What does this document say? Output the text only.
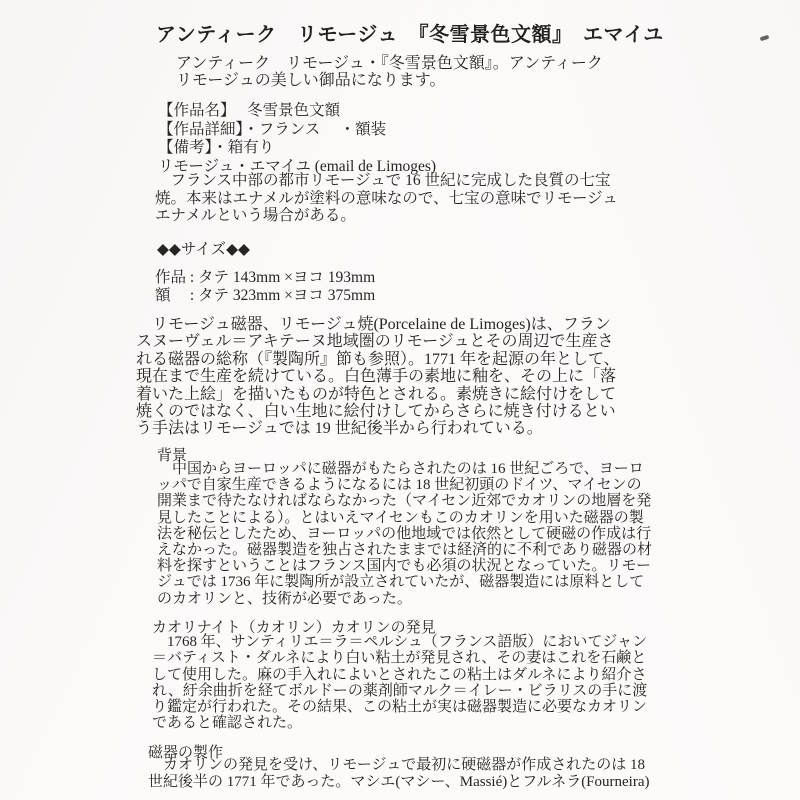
アンティーク　リモージュ　『冬雪景色文額』　エマイユ
アンティーク　リモージュ・『冬雪景色文額』。アンティーク
リモージュの美しい御品になります。
【作品名】　 冬雪景色文額
【作品詳細】・フランス　 ・額装
【備考】・箱有り
リモージュ・エマイユ (email de Limoges)
　フランス中部の都市リモージュで 16 世紀に完成した良質の七宝
焼。本来はエナメルが塗料の意味なので、七宝の意味でリモージュ
エナメルという場合がある。
◆◆サイズ◆◆
作品 : タテ 143mm ×ヨコ 193mm
額　 : タテ 323mm ×ヨコ 375mm
　リモージュ磁器、リモージュ焼(Porcelaine de Limoges)は、フラン
スヌーヴェル＝アキテーヌ地域圏のリモージュとその周辺で生産さ
れる磁器の総称（『製陶所』節も参照）。1771 年を起源の年として、
現在まで生産を続けている。白色薄手の素地に釉を、その上に「落
着いた上絵」を描いたものが特色とされる。素焼きに絵付けをして
焼くのではなく、白い生地に絵付けしてからさらに焼き付けるとい
う手法はリモージュでは 19 世紀後半から行われている。
背景
　中国からヨーロッパに磁器がもたらされたのは 16 世紀ごろで、ヨーロ
ッパで自家生産できるようになるには 18 世紀初頭のドイツ、マイセンの
開業まで待たなければならなかった（マイセン近郊でカオリンの地層を発
見したことによる）。とはいえマイセンもこのカオリンを用いた磁器の製
法を秘伝としたため、ヨーロッパの他地域では依然として硬磁の作成は行
えなかった。磁器製造を独占されたままでは経済的に不利であり磁器の材
料を探すということはフランス国内でも必須の状況となっていた。リモー
ジュでは 1736 年に製陶所が設立されていたが、磁器製造には原料として
のカオリンと、技術が必要であった。
カオリナイト（カオリン）カオリンの発見
　1768 年、サンティリエ＝ラ＝ペルシュ（フランス語版）においてジャン
＝バティスト・ダルネにより白い粘土が発見され、その妻はこれを石鹸と
して使用した。麻の手入れによいとされたこの粘土はダルネにより紹介さ
れ、紆余曲折を経てボルドーの薬剤師マルク＝イレー・ビラリスの手に渡
り鑑定が行われた。その結果、この粘土が実は磁器製造に必要なカオリン
であると確認された。
磁器の製作
　カオリンの発見を受け、リモージュで最初に硬磁器が作成されたのは 18
世紀後半の 1771 年であった。マシエ(マシー、Massié)とフルネラ(Fourneira)
